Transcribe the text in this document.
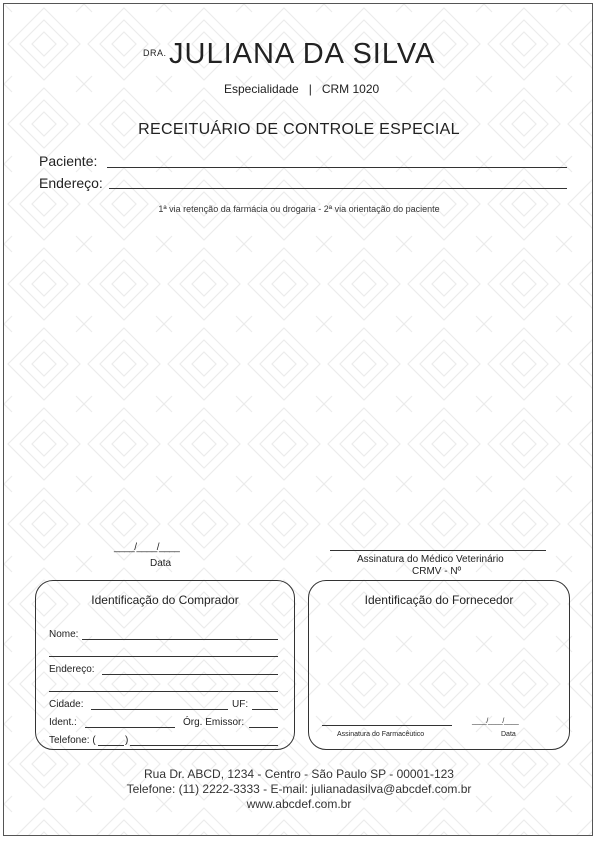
DRA. JULIANA DA SILVA
Especialidade   |   CRM 1020
RECEITUÁRIO DE CONTROLE ESPECIAL
Paciente:
Endereço:
1ª via retenção da farmácia ou drogaria - 2ª via orientação do paciente
____/____/____
Data	Assinatura do Médico Veterinário
CRMV - Nº
Identificação do Comprador
Nome:
Endereço:
Cidade:	UF:
Ident.:	Órg. Emissor:
Telefone: (	)
Identificação do Fornecedor
Assinatura do Farmacêutico
____/____/____
Data
Rua Dr. ABCD, 1234 - Centro - São Paulo SP - 00001-123
Telefone: (11) 2222-3333 - E-mail: julianadasilva@abcdef.com.br
www.abcdef.com.br
